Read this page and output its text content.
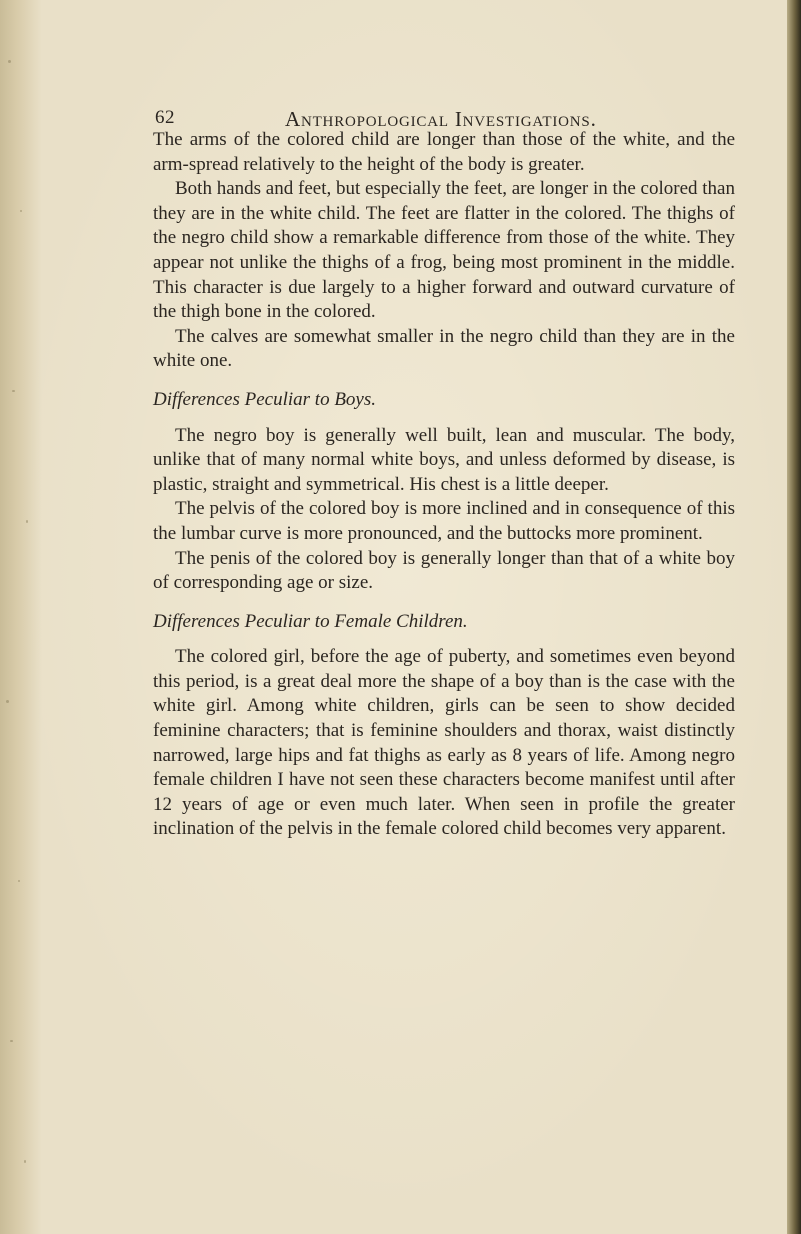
62	Anthropological Investigations.

The arms of the colored child are longer than those of the white, and the arm-spread relatively to the height of the body is greater.

Both hands and feet, but especially the feet, are longer in the colored than they are in the white child. The feet are flatter in the colored. The thighs of the negro child show a remarkable difference from those of the white. They appear not unlike the thighs of a frog, being most prominent in the middle. This character is due largely to a higher forward and outward curvature of the thigh bone in the colored.

The calves are somewhat smaller in the negro child than they are in the white one.

Differences Peculiar to Boys.

The negro boy is generally well built, lean and muscular. The body, unlike that of many normal white boys, and unless deformed by disease, is plastic, straight and symmetrical. His chest is a little deeper.

The pelvis of the colored boy is more inclined and in consequence of this the lumbar curve is more pronounced, and the buttocks more prominent.

The penis of the colored boy is generally longer than that of a white boy of corresponding age or size.

Differences Peculiar to Female Children.

The colored girl, before the age of puberty, and sometimes even beyond this period, is a great deal more the shape of a boy than is the case with the white girl. Among white children, girls can be seen to show decided feminine characters; that is feminine shoulders and thorax, waist distinctly narrowed, large hips and fat thighs as early as 8 years of life. Among negro female children I have not seen these characters become manifest until after 12 years of age or even much later. When seen in profile the greater inclination of the pelvis in the female colored child becomes very apparent.
